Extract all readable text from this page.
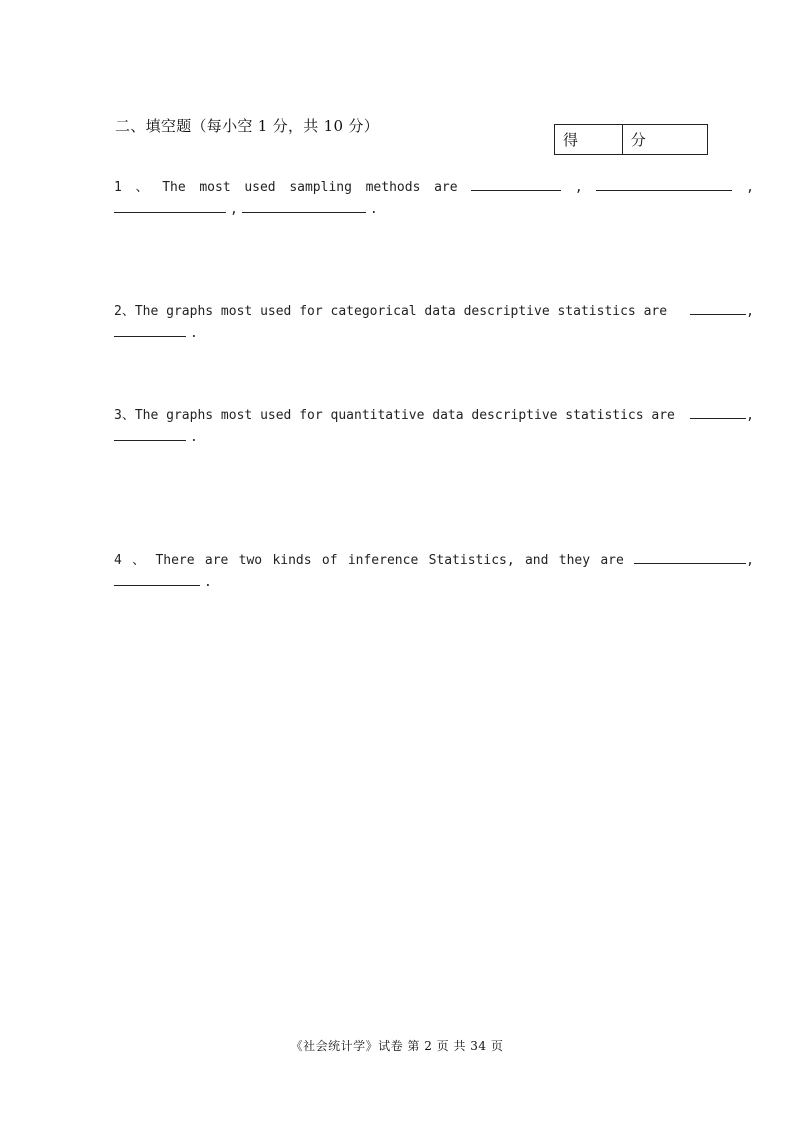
二、填空题（每小空 1 分，共 10 分）
得 分
1 、 The most used sampling methods are	,	,
,	.
2 、 The graphs most used for categorical data descriptive statistics are	,
.
3 、 The graphs most used for quantitative data descriptive statistics are	,
.
4 、 There are two kinds of inference Statistics, and they are	,
.
《社会统计学》试卷 第 2 页 共 34 页
